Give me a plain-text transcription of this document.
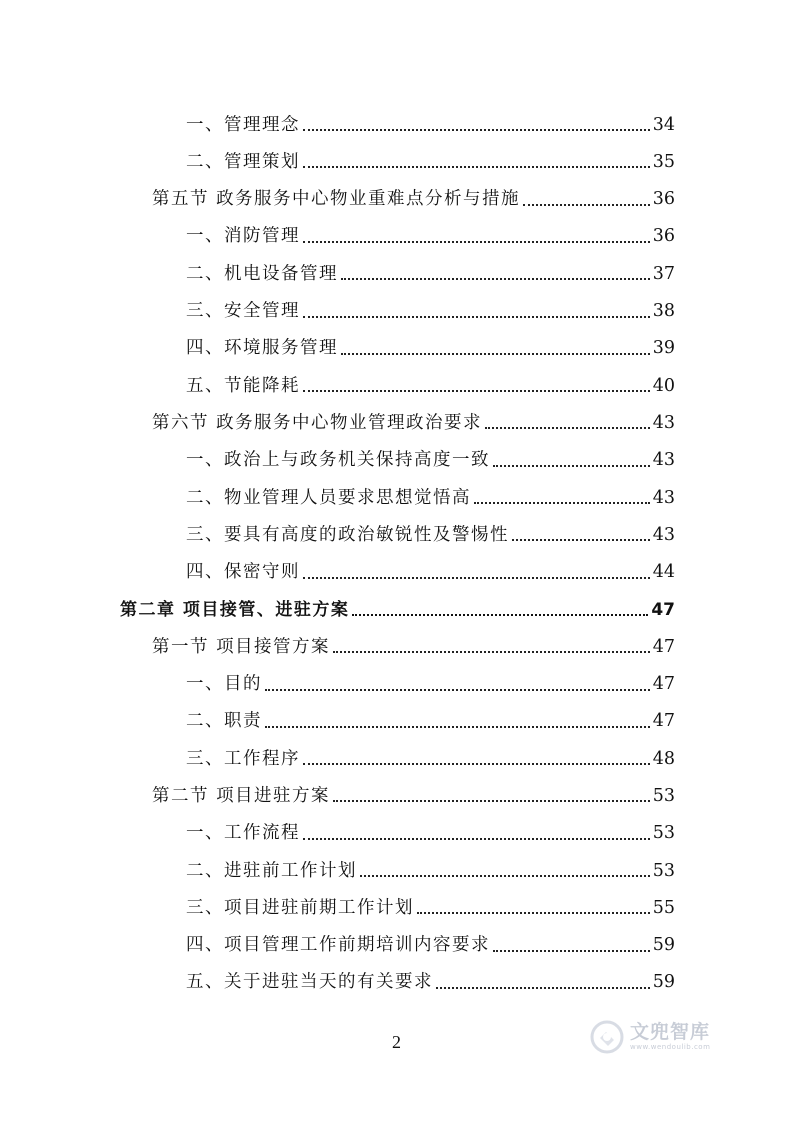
一、管理理念	34
二、管理策划	35
第五节 政务服务中心物业重难点分析与措施	36
一、消防管理	36
二、机电设备管理	37
三、安全管理	38
四、环境服务管理	39
五、节能降耗	40
第六节 政务服务中心物业管理政治要求	43
一、政治上与政务机关保持高度一致	43
二、物业管理人员要求思想觉悟高	43
三、要具有高度的政治敏锐性及警惕性	43
四、保密守则	44
第二章 项目接管、进驻方案	47
第一节 项目接管方案	47
一、目的	47
二、职责	47
三、工作程序	48
第二节 项目进驻方案	53
一、工作流程	53
二、进驻前工作计划	53
三、项目进驻前期工作计划	55
四、项目管理工作前期培训内容要求	59
五、关于进驻当天的有关要求	59
2	文兜智库
www.wendoulib.com
